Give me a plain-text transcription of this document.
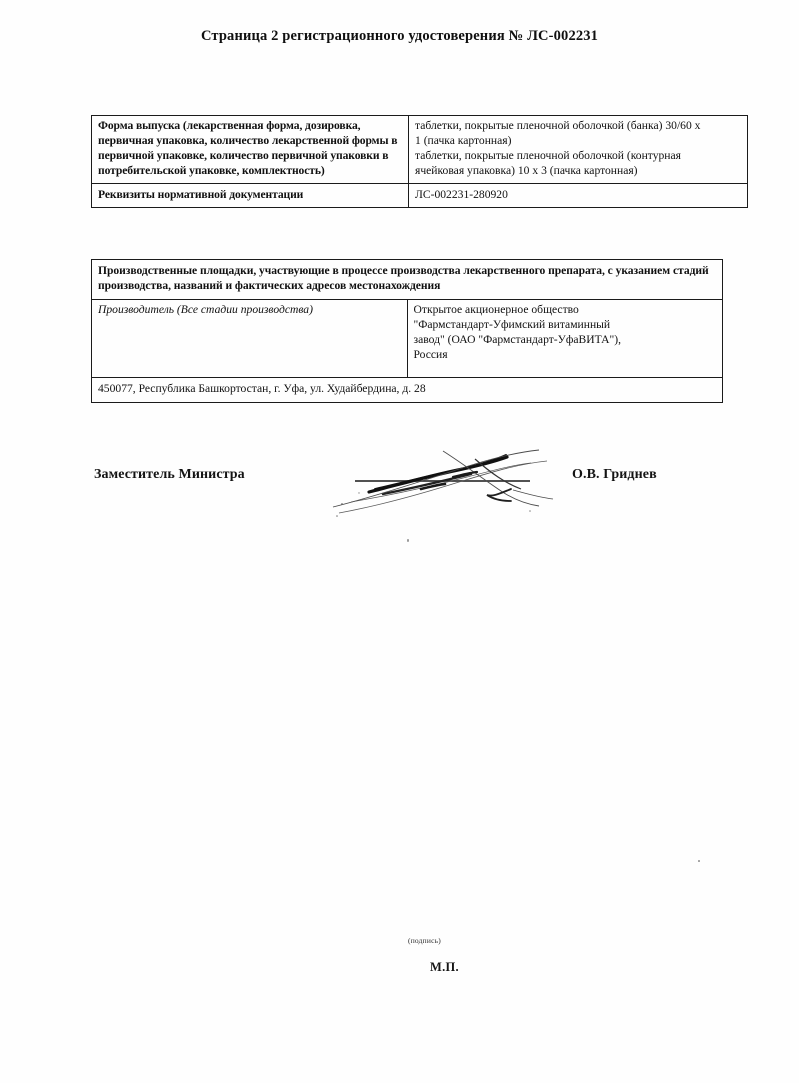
Страница 2 регистрационного удостоверения № ЛС-002231
Форма выпуска (лекарственная форма, дозировка, первичная упаковка, количество лекарственной формы в первичной упаковке, количество первичной упаковки в потребительской упаковке, комплектность)	таблетки, покрытые пленочной оболочкой (банка) 30/60 х
1 (пачка картонная)
таблетки, покрытые пленочной оболочкой (контурная
ячейковая упаковка) 10 х 3 (пачка картонная)

Реквизиты нормативной документации	ЛС-002231-280920
Производственные площадки, участвующие в процессе производства лекарственного препарата, с указанием стадий производства, названий и фактических адресов местонахождения
Производитель (Все стадии производства)	Открытое акционерное общество
"Фармстандарт-Уфимский витаминный
завод" (ОАО "Фармстандарт-УфаВИТА"),
Россия

450077, Республика Башкортостан, г. Уфа, ул. Худайбердина, д. 28
Заместитель Министра	О.В. Гриднев
(подпись)
М.П.
